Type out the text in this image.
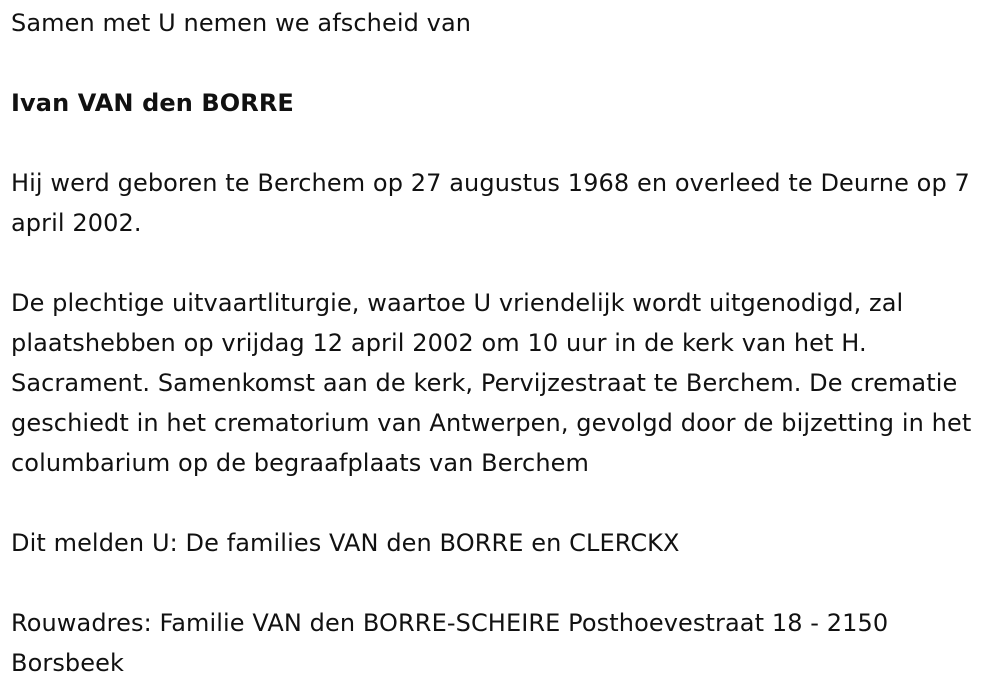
Samen met U nemen we afscheid van

Ivan VAN den BORRE

Hij werd geboren te Berchem op 27 augustus 1968 en overleed te Deurne op 7 april 2002.

De plechtige uitvaartliturgie, waartoe U vriendelijk wordt uitgenodigd, zal plaatshebben op vrijdag 12 april 2002 om 10 uur in de kerk van het H. Sacrament. Samenkomst aan de kerk, Pervijzestraat te Berchem. De crematie geschiedt in het crematorium van Antwerpen, gevolgd door de bijzetting in het columbarium op de begraafplaats van Berchem

Dit melden U: De families VAN den BORRE en CLERCKX

Rouwadres: Familie VAN den BORRE-SCHEIRE Posthoevestraat 18 - 2150 Borsbeek
